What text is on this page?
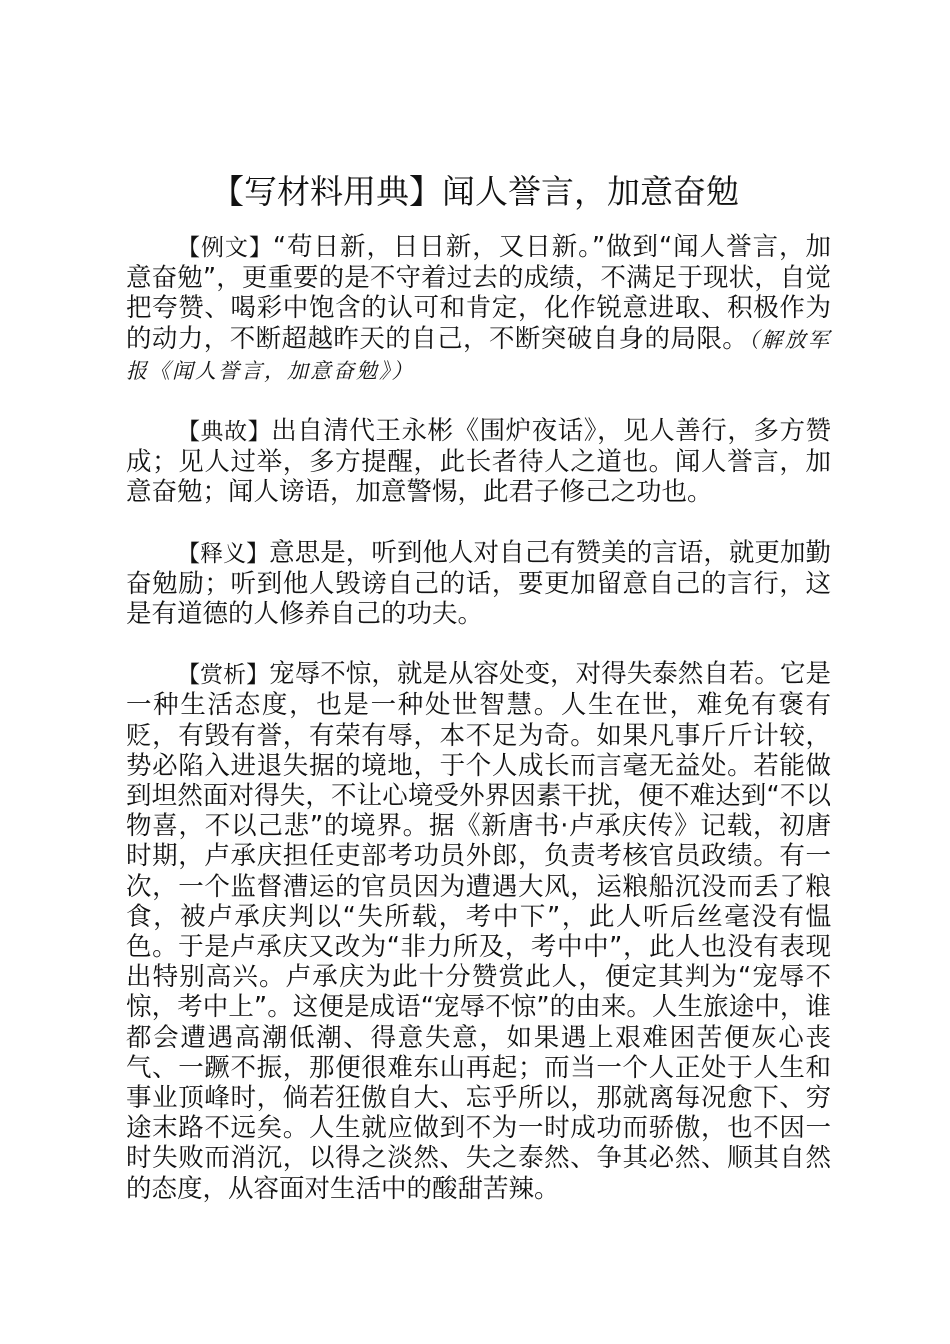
【写材料用典】闻人誉言，加意奋勉

【例文】“苟日新，日日新，又日新。”做到“闻人誉言，加意奋勉”，更重要的是不守着过去的成绩，不满足于现状，自觉把夸赞、喝彩中饱含的认可和肯定，化作锐意进取、积极作为的动力，不断超越昨天的自己，不断突破自身的局限。（解放军报《闻人誉言，加意奋勉》）

【典故】出自清代王永彬《围炉夜话》，见人善行，多方赞成；见人过举，多方提醒，此长者待人之道也。闻人誉言，加意奋勉；闻人谤语，加意警惕，此君子修己之功也。

【释义】意思是，听到他人对自己有赞美的言语，就更加勤奋勉励；听到他人毁谤自己的话，要更加留意自己的言行，这是有道德的人修养自己的功夫。

【赏析】宠辱不惊，就是从容处变，对得失泰然自若。它是一种生活态度，也是一种处世智慧。人生在世，难免有褒有贬，有毁有誉，有荣有辱，本不足为奇。如果凡事斤斤计较，势必陷入进退失据的境地，于个人成长而言毫无益处。若能做到坦然面对得失，不让心境受外界因素干扰，便不难达到“不以物喜，不以己悲”的境界。据《新唐书·卢承庆传》记载，初唐时期，卢承庆担任吏部考功员外郎，负责考核官员政绩。有一次，一个监督漕运的官员因为遭遇大风，运粮船沉没而丢了粮食，被卢承庆判以“失所载，考中下”，此人听后丝毫没有愠色。于是卢承庆又改为“非力所及，考中中”，此人也没有表现出特别高兴。卢承庆为此十分赞赏此人，便定其判为“宠辱不惊，考中上”。这便是成语“宠辱不惊”的由来。人生旅途中，谁都会遭遇高潮低潮、得意失意，如果遇上艰难困苦便灰心丧气、一蹶不振，那便很难东山再起；而当一个人正处于人生和事业顶峰时，倘若狂傲自大、忘乎所以，那就离每况愈下、穷途末路不远矣。人生就应做到不为一时成功而骄傲，也不因一时失败而消沉，以得之淡然、失之泰然、争其必然、顺其自然的态度，从容面对生活中的酸甜苦辣。
